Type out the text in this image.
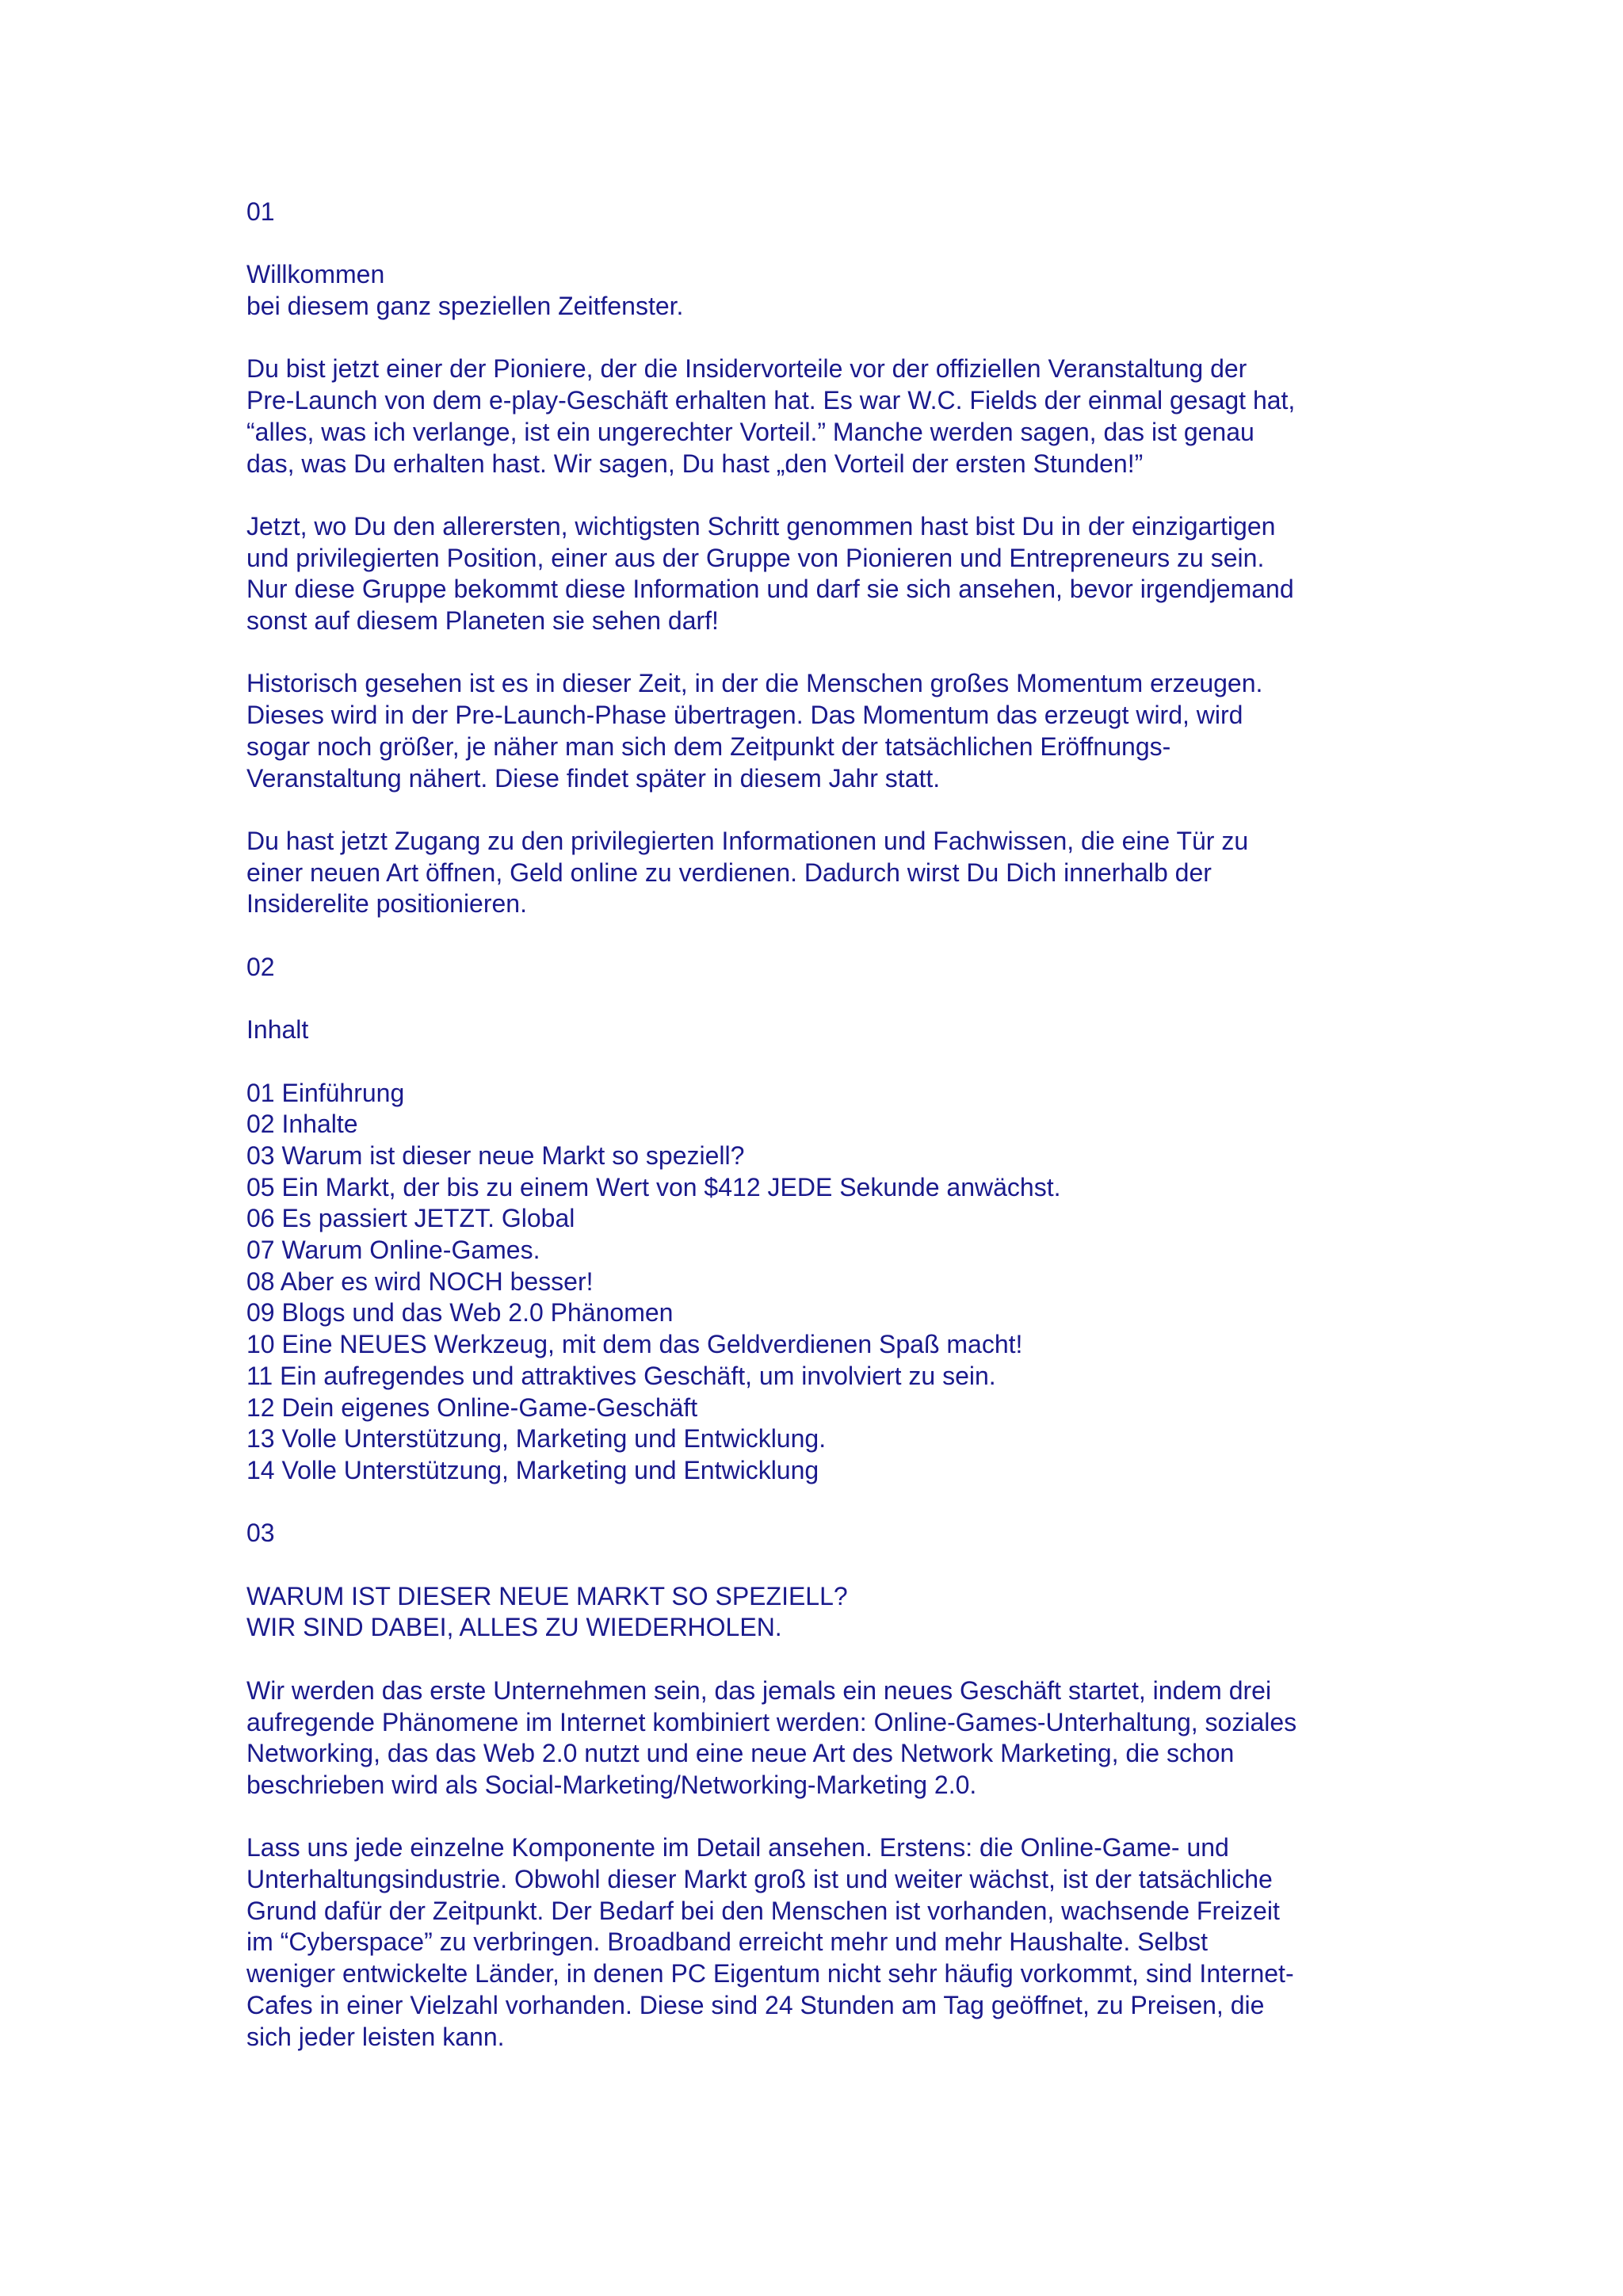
01
Willkommen
bei diesem ganz speziellen Zeitfenster.
Du bist jetzt einer der Pioniere, der die Insidervorteile vor der offiziellen Veranstaltung der
Pre-Launch von dem e-play-Geschäft erhalten hat. Es war W.C. Fields der einmal gesagt hat,
“alles, was ich verlange, ist ein ungerechter Vorteil.” Manche werden sagen, das ist genau
das, was Du erhalten hast. Wir sagen, Du hast „den Vorteil der ersten Stunden!”
Jetzt, wo Du den allerersten, wichtigsten Schritt genommen hast bist Du in der einzigartigen
und privilegierten Position, einer aus der Gruppe von Pionieren und Entrepreneurs zu sein.
Nur diese Gruppe bekommt diese Information und darf sie sich ansehen, bevor irgendjemand
sonst auf diesem Planeten sie sehen darf!
Historisch gesehen ist es in dieser Zeit, in der die Menschen großes Momentum erzeugen.
Dieses wird in der Pre-Launch-Phase übertragen. Das Momentum das erzeugt wird, wird
sogar noch größer, je näher man sich dem Zeitpunkt der tatsächlichen Eröffnungs-
Veranstaltung nähert. Diese findet später in diesem Jahr statt.
Du hast jetzt Zugang zu den privilegierten Informationen und Fachwissen, die eine Tür zu
einer neuen Art öffnen, Geld online zu verdienen. Dadurch wirst Du Dich innerhalb der
Insiderelite positionieren.
02
Inhalt
01 Einführung
02 Inhalte
03 Warum ist dieser neue Markt so speziell?
05 Ein Markt, der bis zu einem Wert von $412 JEDE Sekunde anwächst.
06 Es passiert JETZT. Global
07 Warum Online-Games.
08 Aber es wird NOCH besser!
09 Blogs und das Web 2.0 Phänomen
10 Eine NEUES Werkzeug, mit dem das Geldverdienen Spaß macht!
11 Ein aufregendes und attraktives Geschäft, um involviert zu sein.
12 Dein eigenes Online-Game-Geschäft
13 Volle Unterstützung, Marketing und Entwicklung.
14 Volle Unterstützung, Marketing und Entwicklung
03
WARUM IST DIESER NEUE MARKT SO SPEZIELL?
WIR SIND DABEI, ALLES ZU WIEDERHOLEN.
Wir werden das erste Unternehmen sein, das jemals ein neues Geschäft startet, indem drei
aufregende Phänomene im Internet kombiniert werden: Online-Games-Unterhaltung, soziales
Networking, das das Web 2.0 nutzt und eine neue Art des Network Marketing, die schon
beschrieben wird als Social-Marketing/Networking-Marketing 2.0.
Lass uns jede einzelne Komponente im Detail ansehen. Erstens: die Online-Game- und
Unterhaltungsindustrie. Obwohl dieser Markt groß ist und weiter wächst, ist der tatsächliche
Grund dafür der Zeitpunkt. Der Bedarf bei den Menschen ist vorhanden, wachsende Freizeit
im “Cyberspace” zu verbringen. Broadband erreicht mehr und mehr Haushalte. Selbst
weniger entwickelte Länder, in denen PC Eigentum nicht sehr häufig vorkommt, sind Internet-
Cafes in einer Vielzahl vorhanden. Diese sind 24 Stunden am Tag geöffnet, zu Preisen, die
sich jeder leisten kann.
